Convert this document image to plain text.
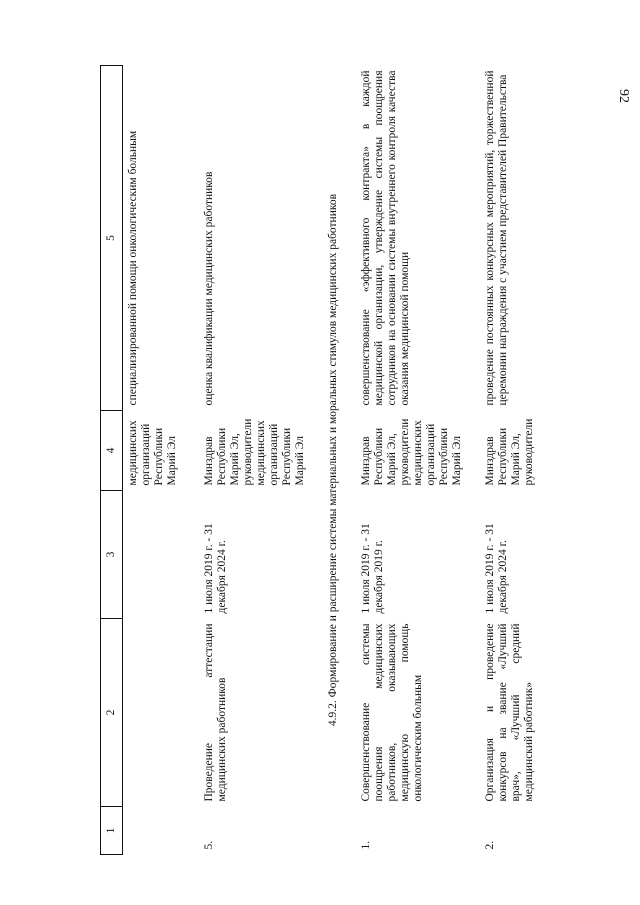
92
1	2	3	4	5
			медицинских организаций Республики Марий Эл	специализированной помощи онкологическим больным
5.	Проведение аттестации медицинских работников	1 июля 2019 г. - 31 декабря 2024 г.	Минздрав Республики Марий Эл, руководители медицинских организаций Республики Марий Эл	оценка квалификации медицинских работников
4.9.2. Формирование и расширение системы материальных и моральных стимулов медицинских работников				
1.	Совершенствование системы поощрения медицинских работников, оказывающих медицинскую помощь онкологическим больным	1 июля 2019 г. - 31 декабря 2019 г.	Минздрав Республики Марий Эл, руководители медицинских организаций Республики Марий Эл	совершенствование «эффективного контракта» в каждой медицинской организации, утверждение системы поощрения сотрудников на основании системы внутреннего контроля качества оказания медицинской помощи
2.	Организация и проведение конкурсов на звание «Лучший врач», «Лучший средний медицинский работник»	1 июля 2019 г. - 31 декабря 2024 г.	Минздрав Республики Марий Эл, руководители	проведение постоянных конкурсных мероприятий, торжественной церемонии награждения с участием представителей Правительства
